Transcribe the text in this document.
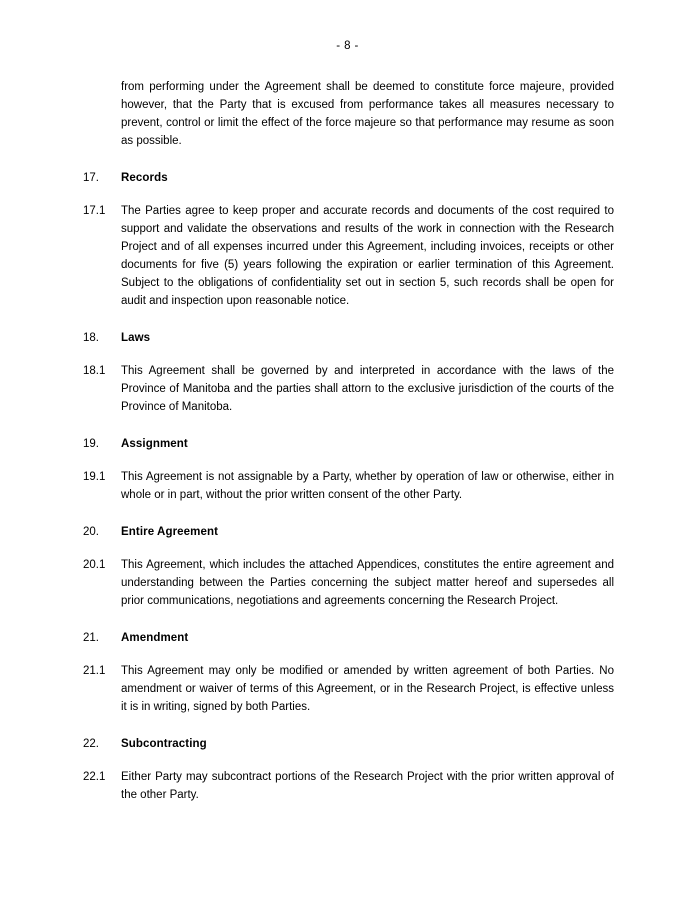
- 8 -

from performing under the Agreement shall be deemed to constitute force majeure, provided however, that the Party that is excused from performance takes all measures necessary to prevent, control or limit the effect of the force majeure so that performance may resume as soon as possible.

17.	Records
17.1	The Parties agree to keep proper and accurate records and documents of the cost required to support and validate the observations and results of the work in connection with the Research Project and of all expenses incurred under this Agreement, including invoices, receipts or other documents for five (5) years following the expiration or earlier termination of this Agreement. Subject to the obligations of confidentiality set out in section 5, such records shall be open for audit and inspection upon reasonable notice.
18.	Laws
18.1	This Agreement shall be governed by and interpreted in accordance with the laws of the Province of Manitoba and the parties shall attorn to the exclusive jurisdiction of the courts of the Province of Manitoba.
19.	Assignment
19.1	This Agreement is not assignable by a Party, whether by operation of law or otherwise, either in whole or in part, without the prior written consent of the other Party.
20.	Entire Agreement
20.1	This Agreement, which includes the attached Appendices, constitutes the entire agreement and understanding between the Parties concerning the subject matter hereof and supersedes all prior communications, negotiations and agreements concerning the Research Project.
21.	Amendment
21.1	This Agreement may only be modified or amended by written agreement of both Parties. No amendment or waiver of terms of this Agreement, or in the Research Project, is effective unless it is in writing, signed by both Parties.
22.	Subcontracting
22.1	Either Party may subcontract portions of the Research Project with the prior written approval of the other Party.
